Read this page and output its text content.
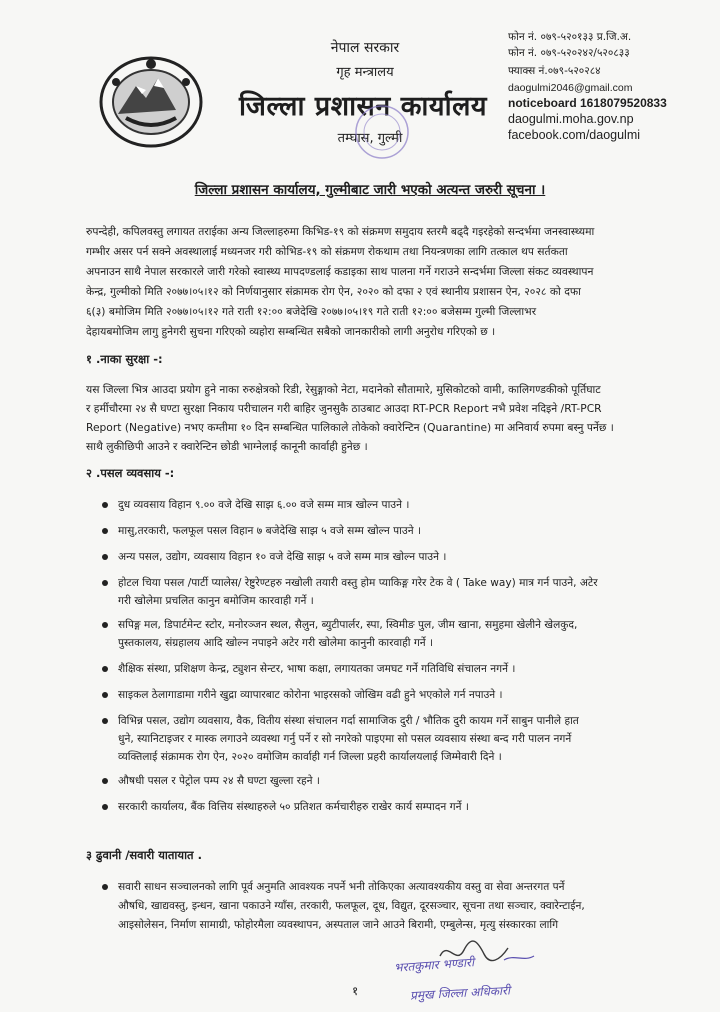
नेपाल सरकार
गृह मन्त्रालय
जिल्ला प्रशासन कार्यालय
तम्घास, गुल्मी
फोन नं. ०७९-५२०१३३ प्र.जि.अ.
फोन नं. ०७९-५२०२४२/५२०८३३
फ्याक्स नं.०७९-५२०२८४
daogulmi2046@gmail.com
noticeboard 1618079520833
daogulmi.moha.gov.np
facebook.com/daogulmi
जिल्ला प्रशासन कार्यालय, गुल्मीबाट जारी भएको अत्यन्त जरुरी सूचना ।
रुपन्देही, कपिलवस्तु लगायत तराईका अन्य जिल्लाहरुमा किभिड-१९ को संक्रमण समुदाय स्तरमै बढ्दै गइरहेको सन्दर्भमा जनस्वास्थ्यमा
गम्भीर असर पर्न सक्ने अवस्थालाई मध्यनजर गरी कोभिड-१९ को संक्रमण रोकथाम तथा नियन्त्रणका लागि तत्काल थप सर्तकता
अपनाउन साथै नेपाल सरकारले जारी गरेको स्वास्थ्य मापदण्डलाई कडाइका साथ पालना गर्ने गराउने सन्दर्भमा जिल्ला संकट व्यवस्थापन
केन्द्र, गुल्मीको मिति २०७७।०५।१२ को निर्णयानुसार संक्रामक रोग ऐन, २०२० को दफा २ एवं स्थानीय प्रशासन ऐन, २०२८ को दफा
६(३) बमोजिम मिति २०७७।०५।१२ गते राती १२:०० बजेदेखि २०७७।०५।१९ गते राती १२:०० बजेसम्म गुल्मी जिल्लाभर
देहायबमोजिम लागु हुनेगरी सुचना गरिएको व्यहोरा सम्बन्धित सबैको जानकारीको लागी अनुरोध गरिएको छ ।
१ .नाका सुरक्षा -:
यस जिल्ला भित्र आउदा प्रयोग हुने नाका रुरुक्षेत्रको रिडी, रेसुङ्गाको नेटा, मदानेको सौतामारे, मुसिकोटको वामी, कालिगण्डकीको पूर्तिघाट
र हर्मीचौरमा २४ सै घण्टा सुरक्षा निकाय परीचालन गरी बाहिर जुनसुकै ठाउबाट आउदा RT-PCR Report नभै प्रवेश नदिइने /RT-PCR
Report (Negative) नभए कम्तीमा १० दिन सम्बन्धित पालिकाले तोकेको क्वारेन्टिन (Quarantine) मा अनिवार्य रुपमा बस्नु पर्नेछ ।
साथै लुकीछिपी आउने र क्वारेन्टिन छोडी भाग्नेलाई कानूनी कार्वाही हुनेछ ।
२ .पसल व्यवसाय -:
दुध व्यवसाय विहान ९.०० वजे देखि साझ ६.०० वजे सम्म मात्र खोल्न पाउने ।
मासु,तरकारी, फलफूल पसल विहान ७ बजेदेखि साझ ५ वजे सम्म खोल्न पाउने ।
अन्य पसल, उद्योग, व्यवसाय विहान १० वजे देखि साझ ५ वजे सम्म मात्र खोल्न पाउने ।
होटल चिया पसल /पार्टी प्यालेस/ रेष्टुरेण्टहरु नखोली तयारी वस्तु होम प्याकिङ्ग गरेर टेक वे ( Take way) मात्र गर्न पाउने, अटेर
गरी खोलेमा प्रचलित कानुन बमोजिम कारवाही गर्ने ।
सपिङ्ग मल, डिपार्टमेन्ट स्टोर, मनोरञ्जन स्थल, सैलुन, ब्युटीपार्लर, स्पा, स्विमीङ पुल, जीम खाना, समुहमा खेलीने खेलकुद,
पुस्तकालय, संग्रहालय आदि खोल्न नपाइने अटेर गरी खोलेमा कानुनी कारवाही गर्ने ।
शैक्षिक संस्था, प्रशिक्षण केन्द्र, ट्युशन सेन्टर, भाषा कक्षा, लगायतका जमघट गर्ने गतिविधि संचालन नगर्ने ।
साइकल ठेलागाडामा गरीने खुद्रा व्यापारबाट कोरोना भाइरसको जोखिम वढी हुने भएकोले गर्न नपाउने ।
विभिन्न पसल, उद्योग व्यवसाय, वैक, वितीय संस्था संचालन गर्दा सामाजिक दुरी / भौतिक दुरी कायम गर्ने साबुन पानीले हात
धुने, स्यानिटाइजर र मास्क लगाउने व्यवस्था गर्नु पर्ने र सो नगरेको पाइएमा सो पसल व्यवसाय संस्था बन्द गरी पालन नगर्ने
व्यक्तिलाई संक्रामक रोग ऐन, २०२० वमोजिम कार्वाही गर्न जिल्ला प्रहरी कार्यालयलाई जिम्मेवारी दिने ।
औषधी पसल र पेट्रोल पम्प २४ सै घण्टा खुल्ला रहने ।
सरकारी कार्यालय, बैंक वित्तिय संस्थाहरुले ५० प्रतिशत कर्मचारीहरु राखेर कार्य सम्पादन गर्ने ।
३ ढुवानी /सवारी यातायात .
सवारी साधन सञ्चालनको लागि पूर्व अनुमति आवश्यक नपर्ने भनी तोकिएका अत्यावश्यकीय वस्तु वा सेवा अन्तरगत पर्ने
औषधि, खाद्यवस्तु, इन्धन, खाना पकाउने ग्याँस, तरकारी, फलफूल, दूध, विद्युत, दूरसञ्चार, सूचना तथा सञ्चार, क्वारेन्टाईन,
आइसोलेसन, निर्माण सामाग्री, फोहोरमैला व्यवस्थापन, अस्पताल जाने आउने बिरामी, एम्बुलेन्स, मृत्यु संस्कारका लागि
भरतकुमार भण्डारी
प्रमुख जिल्ला अधिकारी
१
